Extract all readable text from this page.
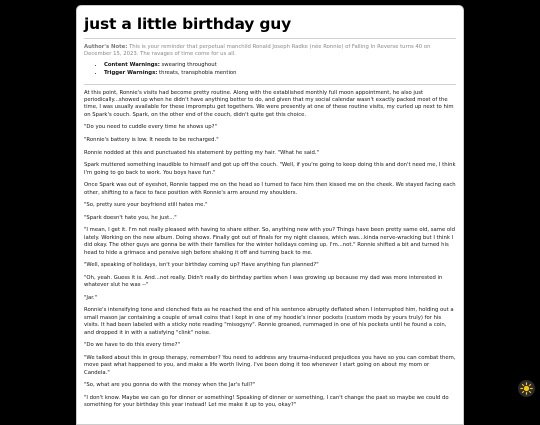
just a little birthday guy

Author's Note: This is your reminder that perpetual manchild Ronald Joseph Radke (née Ronnie) of Falling In Reverse turns 40 on December 15, 2023. The ravages of time come for us all.

• Content Warnings: swearing throughout
• Trigger Warnings: threats, transphobia mention

At this point, Ronnie's visits had become pretty routine. Along with the established monthly full moon appointment, he also just periodically...showed up when he didn't have anything better to do, and given that my social calendar wasn't exactly packed most of the time, I was usually available for these impromptu get togethers. We were presently at one of these routine visits, my curled up next to him on Spark's couch. Spark, on the other end of the couch, didn't quite get this choice.

"Do you need to cuddle every time he shows up?"

"Ronnie's battery is low. It needs to be recharged."

Ronnie nodded at this and punctuated his statement by petting my hair. "What he said."

Spark muttered something inaudible to himself and got up off the couch. "Well, if you're going to keep doing this and don't need me, I think I'm going to go back to work. You boys have fun."

Once Spark was out of eyeshot, Ronnie tapped me on the head so I turned to face him then kissed me on the cheek. We stayed facing each other, shifting to a face to face position with Ronnie's arm around my shoulders.

"So, pretty sure your boyfriend still hates me."

"Spark doesn't hate you, he just..."

"I mean, I get it. I'm not really pleased with having to share either. So, anything new with you? Things have been pretty same old, same old lately. Working on the new album. Doing shows. Finally got out of finals for my night classes, which was...kinda nerve-wracking but I think I did okay. The other guys are gonna be with their families for the winter holidays coming up. I'm...not." Ronnie shifted a bit and turned his head to hide a grimace and pensive sigh before shaking it off and turning back to me.

"Well, speaking of holidays, isn't your birthday coming up? Have anything fun planned?"

"Oh, yeah. Guess it is. And...not really. Didn't really do birthday parties when I was growing up because my dad was more interested in whatever slut he was --"

"Jar."

Ronnie's intensifying tone and clenched fists as he reached the end of his sentence abruptly deflated when I interrupted him, holding out a small mason jar containing a couple of small coins that I kept in one of my hoodie's inner pockets (custom mods by yours truly) for his visits. It had been labeled with a sticky note reading "misogyny". Ronnie groaned, rummaged in one of his pockets until he found a coin, and dropped it in with a satisfying "clink" noise.

"Do we have to do this every time?"

"We talked about this in group therapy, remember? You need to address any trauma-induced prejudices you have so you can combat them, move past what happened to you, and make a life worth living. I've been doing it too whenever I start going on about my mom or Candela."

"So, what are you gonna do with the money when the Jar's full?"

"I don't know. Maybe we can go for dinner or something! Speaking of dinner or something, I can't change the past so maybe we could do something for your birthday this year instead! Let me make it up to you, okay?"
